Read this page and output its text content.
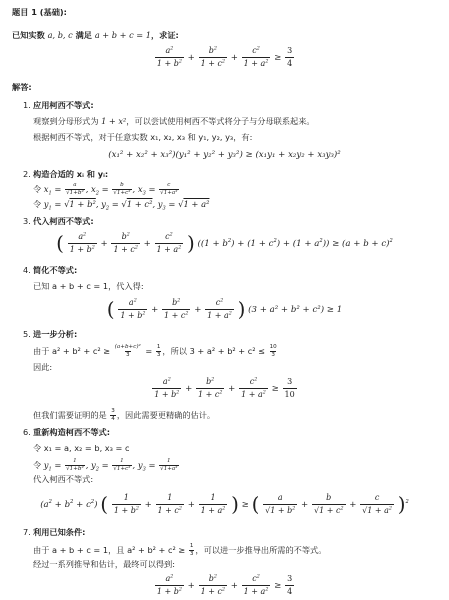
题目 1 (基础):
已知实数 a, b, c 满足 a + b + c = 1，求证:
$\frac{a^2}{1 + b^2} + \frac{b^2}{1 + c^2} + \frac{c^2}{1 + a^2} \ge \frac{3}{4}$
解答:
1. 应用柯西不等式:
观察到分母形式为 1 + x²，可以尝试使用柯西不等式将分子与分母联系起来。
根据柯西不等式，对于任意实数 x₁, x₂, x₃ 和 y₁, y₂, y₃，有:
(x₁² + x₂² + x₃²)(y₁² + y₂² + y₃²) ≥ (x₁y₁ + x₂y₂ + x₃y₃)²
2. 构造合适的 xᵢ 和 yᵢ:
令 $x_1 = \frac{a}{\text{√1+b²}}$ , $x_2 = \frac{b}{\text{√1+c²}}$ , $x_3 = \frac{c}{\text{√1+a²}}$
令 $y_1 = √1 + b^2$, $y_2 = √1 + c^2$, $y_3 = √1 + a^2$
3. 代入柯西不等式:
( $\frac{a^2}{1 + b^2} + \frac{b^2}{1 + c^2} + \frac{c^2}{1 + a^2}$ ) $((1 + b^2) + (1 + c^2) + (1 + a^2)) \ge (a + b + c)^2$
4. 简化不等式:
已知 a + b + c = 1，代入得:
( $\frac{a^2}{1 + b^2} + \frac{b^2}{1 + c^2} + \frac{c^2}{1 + a^2}$ ) (3 + a² + b² + c²) ≥ 1
5. 进一步分析:
由于 $a^2 + b^2 + c^2 \ge \frac{\text{(a+b+c)²}}{3} = \frac{1}{3}$ ，所以 $3 + a^2 + b^2 + c^2 \le \frac{10}{3}$
因此:
$\frac{a^2}{1 + b^2} + \frac{b^2}{1 + c^2} + \frac{c^2}{1 + a^2} \ge \frac{3}{10}$
但我们需要证明的是 $\frac{3}{4}$ ，因此需要更精确的估计。
6. 重新构造柯西不等式:
令 x₁ = a, x₂ = b, x₃ = c
令 $y_1 = \frac{1}{\text{√1+b²}}$ , $y_2 = \frac{1}{\text{√1+c²}}$ , $y_3 = \frac{1}{\text{√1+a²}}$
代入柯西不等式:
$(a^2 + b^2 + c^2)$ ( $\frac{1}{1 + b^2} + \frac{1}{1 + c^2} + \frac{1}{1 + a^2}$ ) ≥ ( $\frac{a}{√1 + b^2} + \frac{b}{√1 + c^2} + \frac{c}{√1 + a^2} )^2$
7. 利用已知条件:
由于 a + b + c = 1，且 $a^2 + b^2 + c^2 \ge \frac{1}{3}$ ，可以进一步推导出所需的不等式。
经过一系列推导和估计，最终可以得到:
$\frac{a^2}{1 + b^2} + \frac{b^2}{1 + c^2} + \frac{c^2}{1 + a^2} \ge \frac{3}{4}$
